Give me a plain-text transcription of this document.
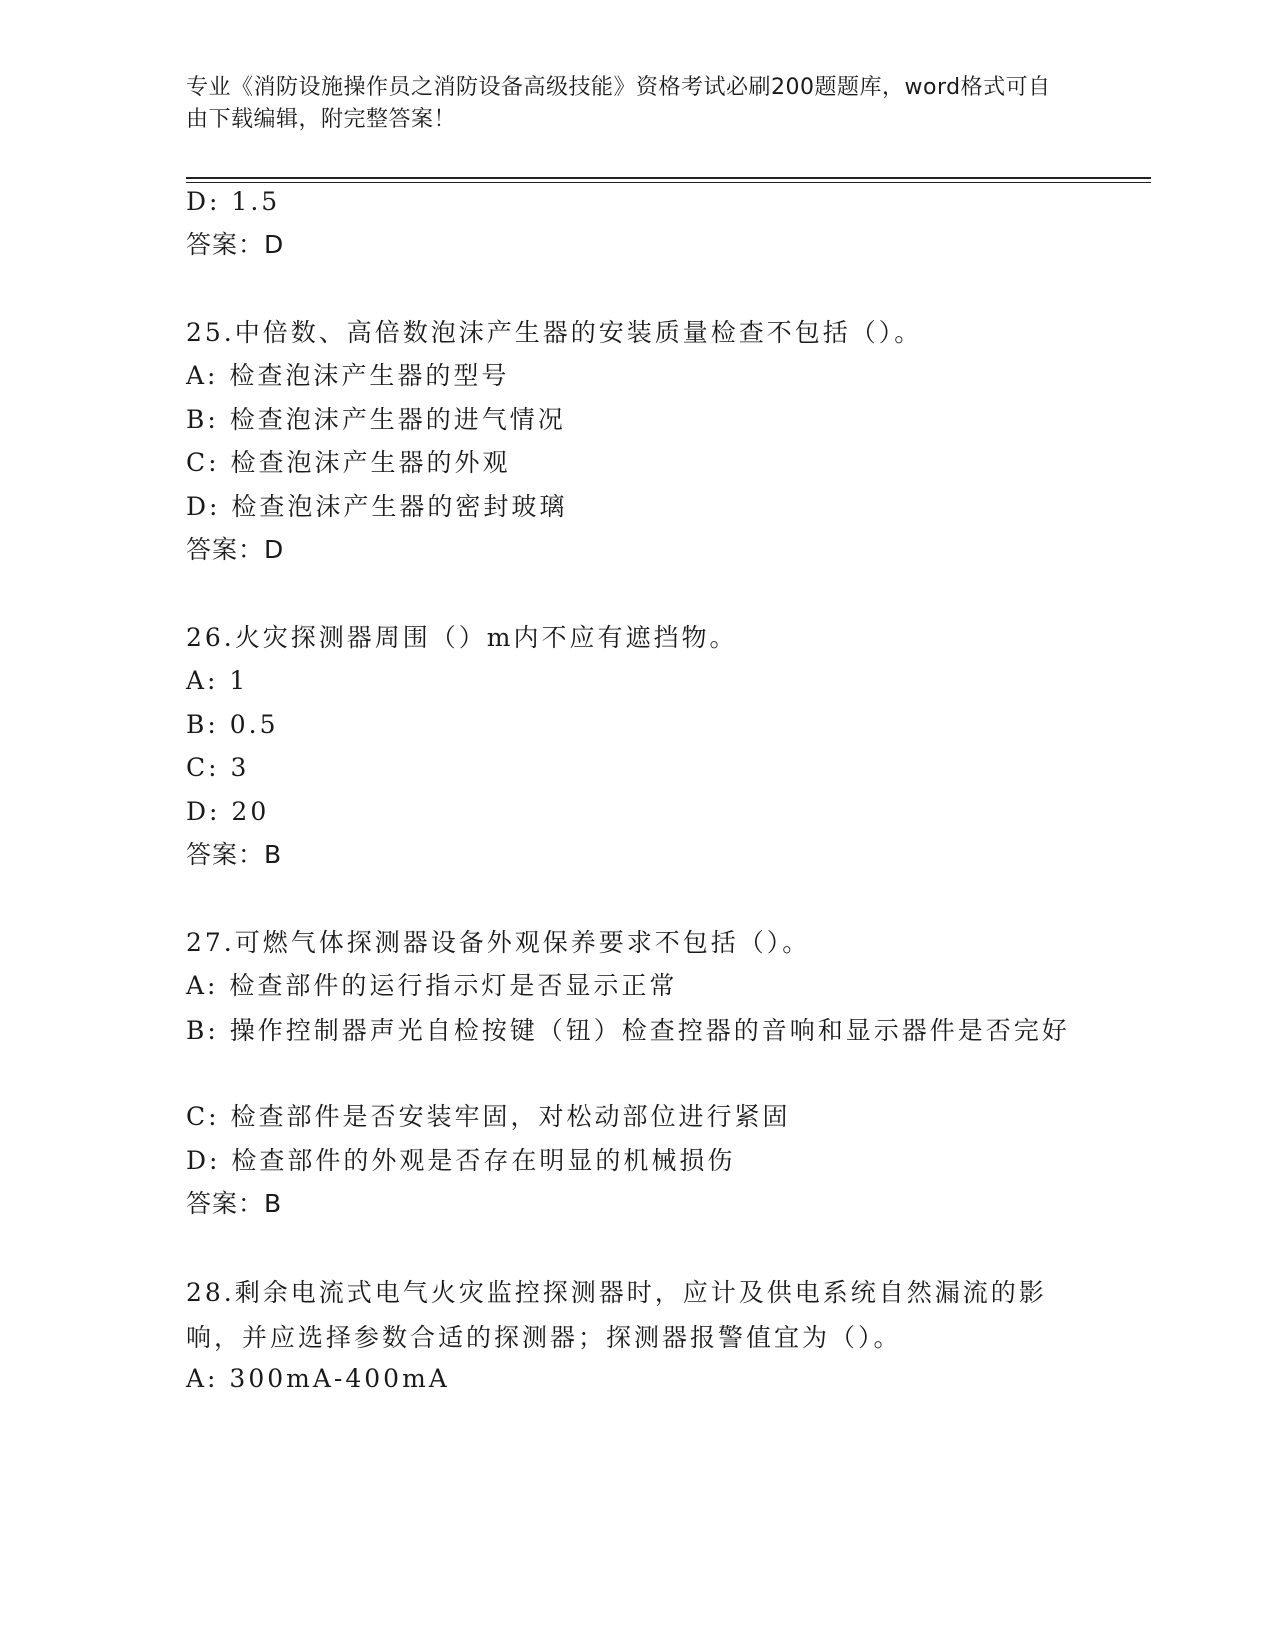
专业《消防设施操作员之消防设备高级技能》资格考试必刷200题题库，word格式可自由下载编辑，附完整答案！
D: 1.5
答案：D
25.中倍数、高倍数泡沫产生器的安装质量检查不包括（）。
A: 检查泡沫产生器的型号
B: 检查泡沫产生器的进气情况
C: 检查泡沫产生器的外观
D: 检查泡沫产生器的密封玻璃
答案：D
26.火灾探测器周围（）m内不应有遮挡物。
A: 1
B: 0.5
C: 3
D: 20
答案：B
27.可燃气体探测器设备外观保养要求不包括（）。
A: 检查部件的运行指示灯是否显示正常
B: 操作控制器声光自检按键（钮）检查控器的音响和显示器件是否完好
C: 检查部件是否安装牢固，对松动部位进行紧固
D: 检查部件的外观是否存在明显的机械损伤
答案：B
28.剩余电流式电气火灾监控探测器时，应计及供电系统自然漏流的影响，并应选择参数合适的探测器；探测器报警值宜为（）。
A: 300mA-400mA
